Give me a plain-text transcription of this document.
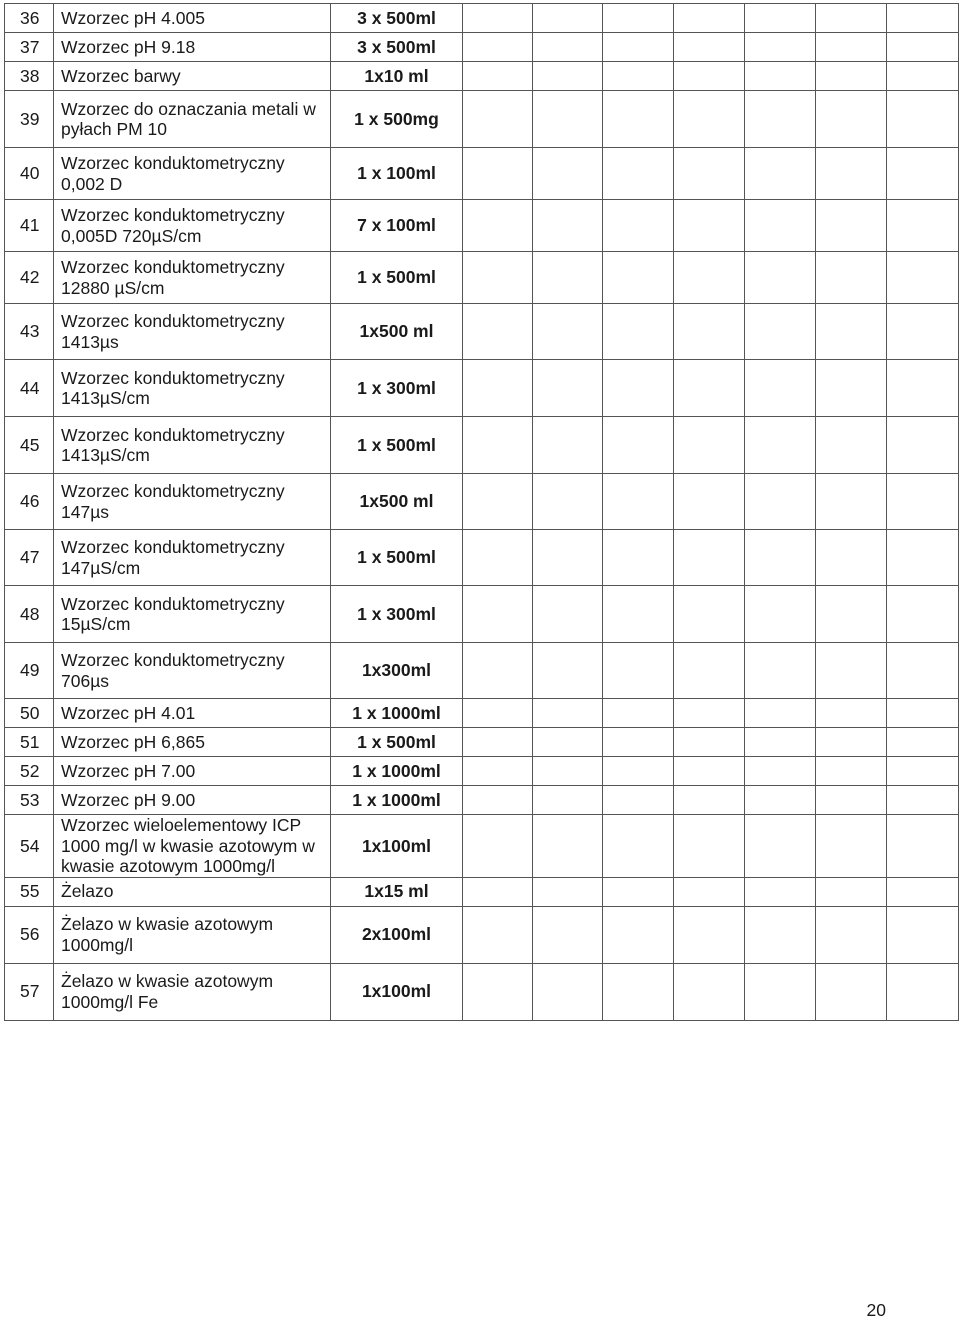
36	Wzorzec pH 4.005	3 x 500ml							
37	Wzorzec pH 9.18	3 x 500ml							
38	Wzorzec barwy	1x10 ml							
39	Wzorzec do oznaczania metali w
pyłach PM 10	1 x 500mg							
40	Wzorzec konduktometryczny
0,002 D	1 x 100ml							
41	Wzorzec konduktometryczny
0,005D 720µS/cm	7 x 100ml							
42	Wzorzec konduktometryczny
12880 µS/cm	1 x 500ml							
43	Wzorzec konduktometryczny
1413µs	1x500 ml							
44	Wzorzec konduktometryczny
1413µS/cm	1 x 300ml							
45	Wzorzec konduktometryczny
1413µS/cm	1 x 500ml							
46	Wzorzec konduktometryczny
147µs	1x500 ml							
47	Wzorzec konduktometryczny
147µS/cm	1 x 500ml							
48	Wzorzec konduktometryczny
15µS/cm	1 x 300ml							
49	Wzorzec konduktometryczny
706µs	1x300ml							
50	Wzorzec pH 4.01	1 x 1000ml							
51	Wzorzec pH 6,865	1 x 500ml							
52	Wzorzec pH 7.00	1 x 1000ml							
53	Wzorzec pH 9.00	1 x 1000ml							
54	Wzorzec wieloelementowy ICP
1000 mg/l w kwasie azotowym w
kwasie azotowym 1000mg/l	1x100ml							
55	Żelazo	1x15 ml							
56	Żelazo w kwasie azotowym
1000mg/l	2x100ml							
57	Żelazo w kwasie azotowym
1000mg/l Fe	1x100ml							
20
